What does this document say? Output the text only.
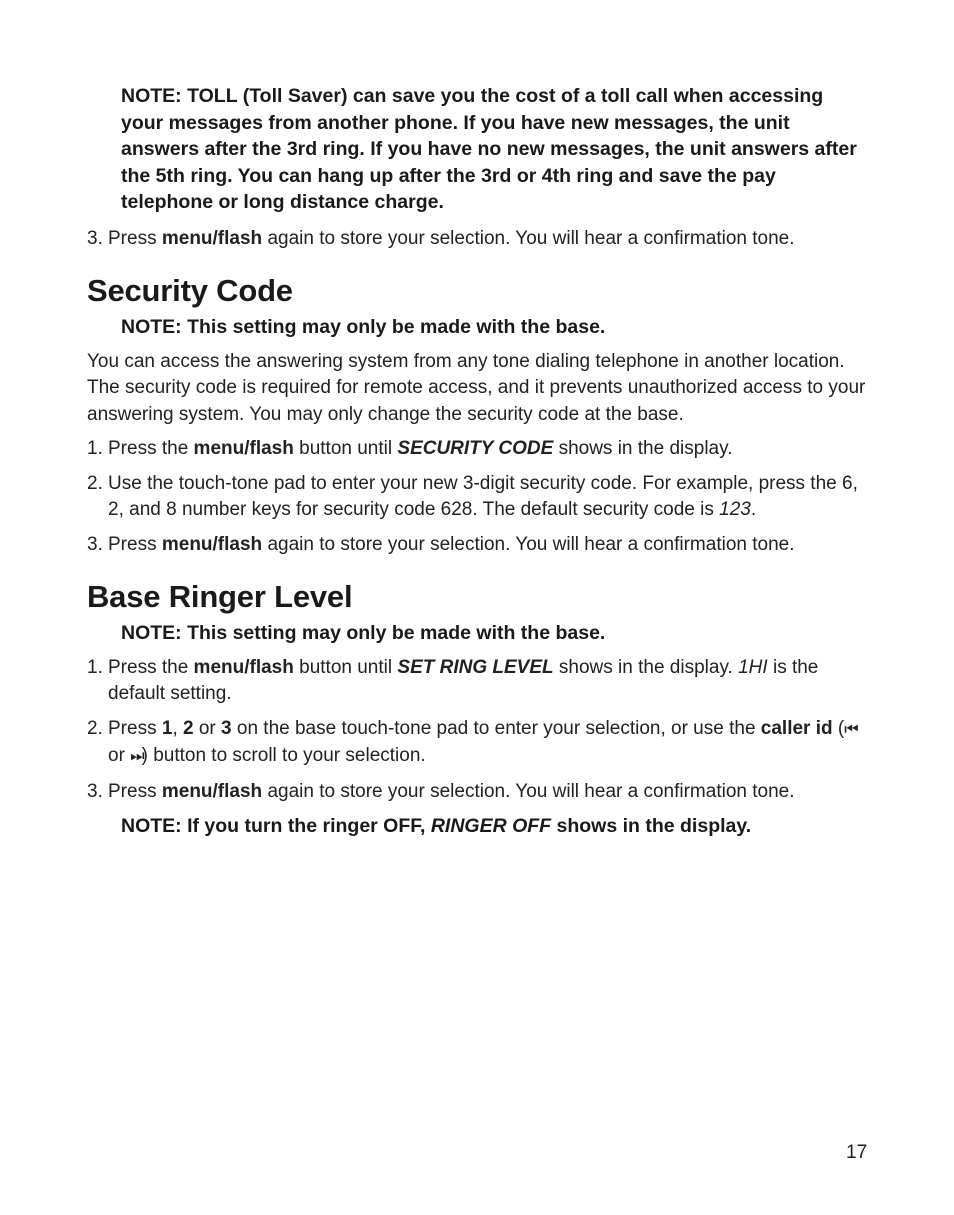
NOTE: TOLL (Toll Saver) can save you the cost of a toll call when accessing your messages from another phone. If you have new messages, the unit answers after the 3rd ring. If you have no new messages, the unit answers after the 5th ring. You can hang up after the 3rd or 4th ring and save the pay telephone or long distance charge.
3. Press menu/flash again to store your selection. You will hear a confirmation tone.
Security Code
NOTE: This setting may only be made with the base.
You can access the answering system from any tone dialing telephone in another location. The security code is required for remote access, and it prevents unauthorized access to your answering system. You may only change the security code at the base.
1. Press the menu/flash button until SECURITY CODE shows in the display.
2. Use the touch-tone pad to enter your new 3-digit security code. For example, press the 6, 2, and 8 number keys for security code 628. The default security code is 123.
3. Press menu/flash again to store your selection. You will hear a confirmation tone.
Base Ringer Level
NOTE: This setting may only be made with the base.
1. Press the menu/flash button until SET RING LEVEL shows in the display. 1HI is the default setting.
2. Press 1, 2 or 3 on the base touch-tone pad to enter your selection, or use the caller id (⏮ or ⏭) button to scroll to your selection.
3. Press menu/flash again to store your selection. You will hear a confirmation tone.
NOTE: If you turn the ringer OFF, RINGER OFF shows in the display.
17
